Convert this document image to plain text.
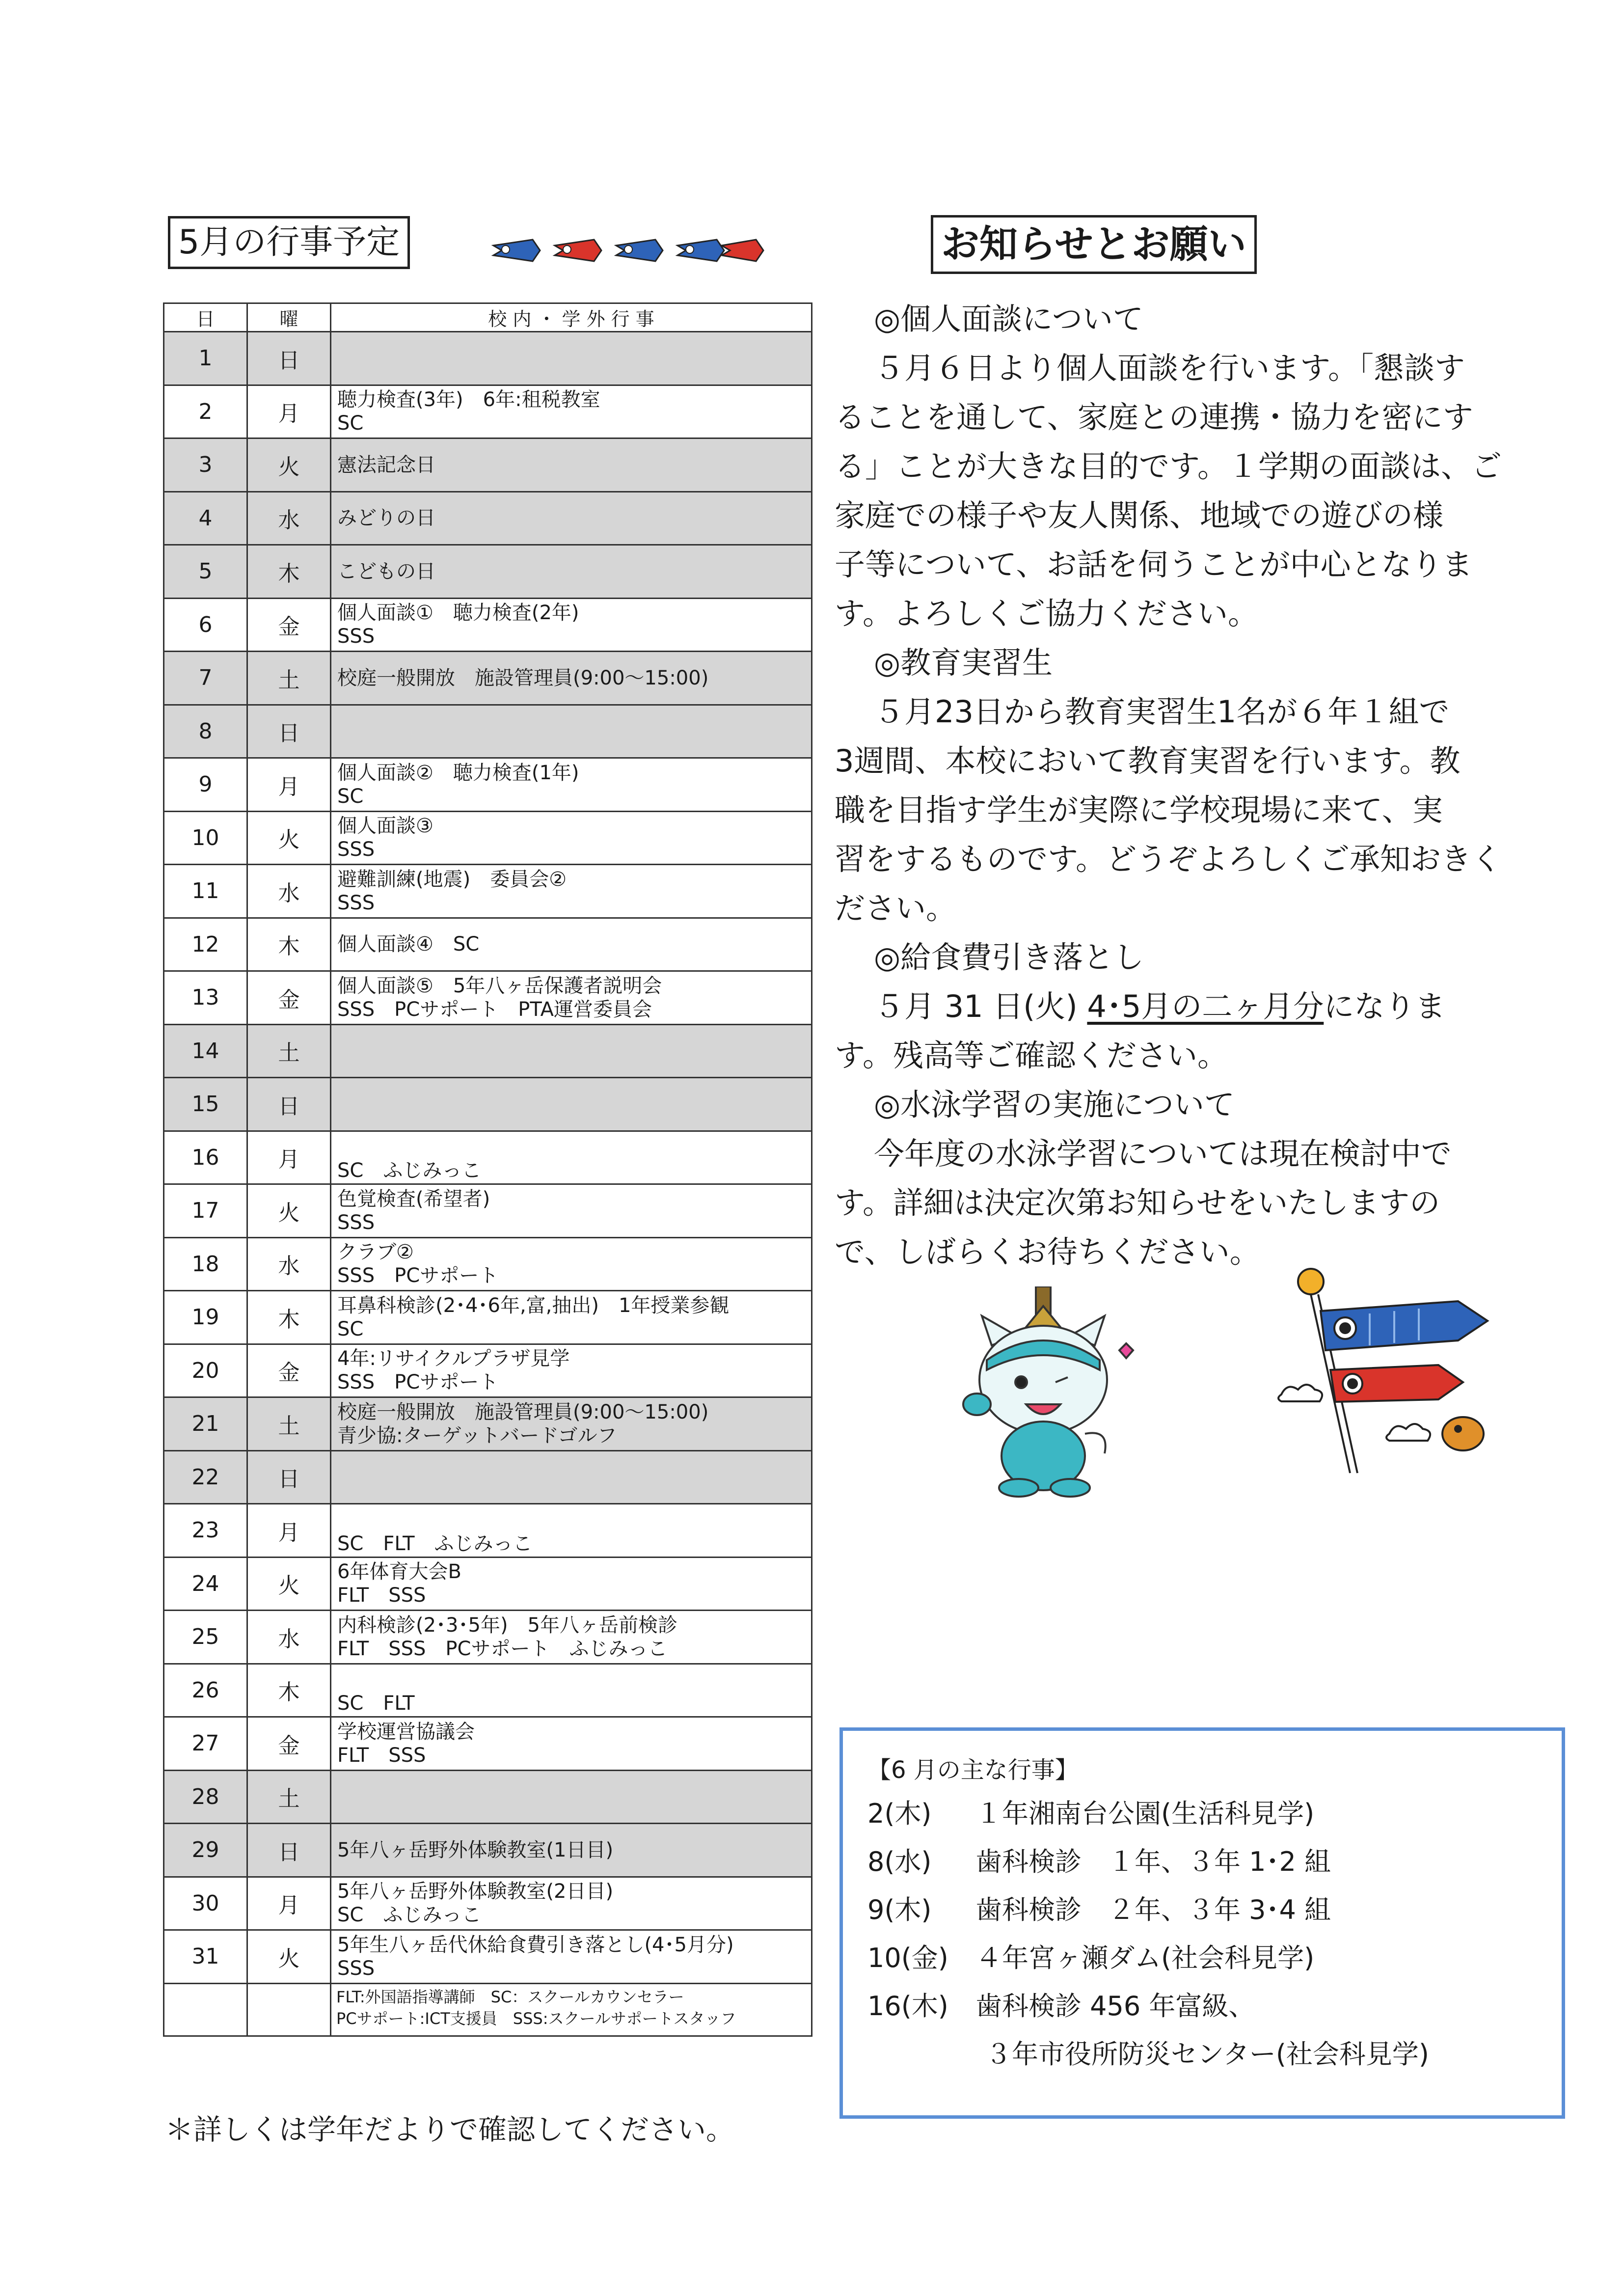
5月の行事予定
日	曜	校 内 ・ 学 外 行 事
1	日	
2	月	聴力検査(3年)　6年:租税教室
SC

3	火	憲法記念日

4	水	みどりの日

5	木	こどもの日

6	金	個人面談①　聴力検査(2年)
SSS

7	土	校庭一般開放　施設管理員(9:00～15:00)

8	日	
9	月	個人面談②　聴力検査(1年)
SC

10	火	個人面談③
SSS

11	水	避難訓練(地震)　委員会②
SSS

12	木	個人面談④　SC

13	金	個人面談⑤　5年八ヶ岳保護者説明会
SSS　PCサポート　PTA運営委員会

14	土	
15	日	
16	月	SC　ふじみっこ

17	火	色覚検査(希望者)
SSS

18	水	クラブ②
SSS　PCサポート

19	木	耳鼻科検診(2･4･6年,富,抽出)　1年授業参観
SC

20	金	4年:リサイクルプラザ見学
SSS　PCサポート

21	土	校庭一般開放　施設管理員(9:00～15:00)
青少協:ターゲットバードゴルフ

22	日	
23	月	SC　FLT　ふじみっこ

24	火	6年体育大会B
FLT　SSS

25	水	内科検診(2･3･5年)　5年八ヶ岳前検診
FLT　SSS　PCサポート　ふじみっこ

26	木	SC　FLT

27	金	学校運営協議会
FLT　SSS

28	土	
29	日	5年八ヶ岳野外体験教室(1日目)

30	月	5年八ヶ岳野外体験教室(2日目)
SC　ふじみっこ

31	火	5年生八ヶ岳代休給食費引き落とし(4･5月分)
SSS

		FLT:外国語指導講師　SC：スクールカウンセラー
PCサポート:ICT支援員　SSS:スクールサポートスタッフ
＊詳しくは学年だよりで確認してください。
お知らせとお願い
◎個人面談について
５月６日より個人面談を行います。「懇談す
ることを通して、家庭との連携・協力を密にす
る」ことが大きな目的です。１学期の面談は、ご
家庭での様子や友人関係、地域での遊びの様
子等について、お話を伺うことが中心となりま
す。よろしくご協力ください。
◎教育実習生
５月23日から教育実習生1名が６年１組で
3週間、本校において教育実習を行います。教
職を目指す学生が実際に学校現場に来て、実
習をするものです。どうぞよろしくご承知おきく
ださい。
◎給食費引き落とし
５月 31 日(火) 4･5月の二ヶ月分になりま
す。残高等ご確認ください。
◎水泳学習の実施について
今年度の水泳学習については現在検討中で
す。詳細は決定次第お知らせをいたしますの
で、しばらくお待ちください。
【6 月の主な行事】
2(木)	１年湘南台公園(生活科見学)
8(水)	歯科検診　１年、３年 1･2 組
9(木)	歯科検診　２年、３年 3･4 組
10(金)	４年宮ヶ瀬ダム(社会科見学)
16(木)	歯科検診 456 年富級、
３年市役所防災センター(社会科見学)
